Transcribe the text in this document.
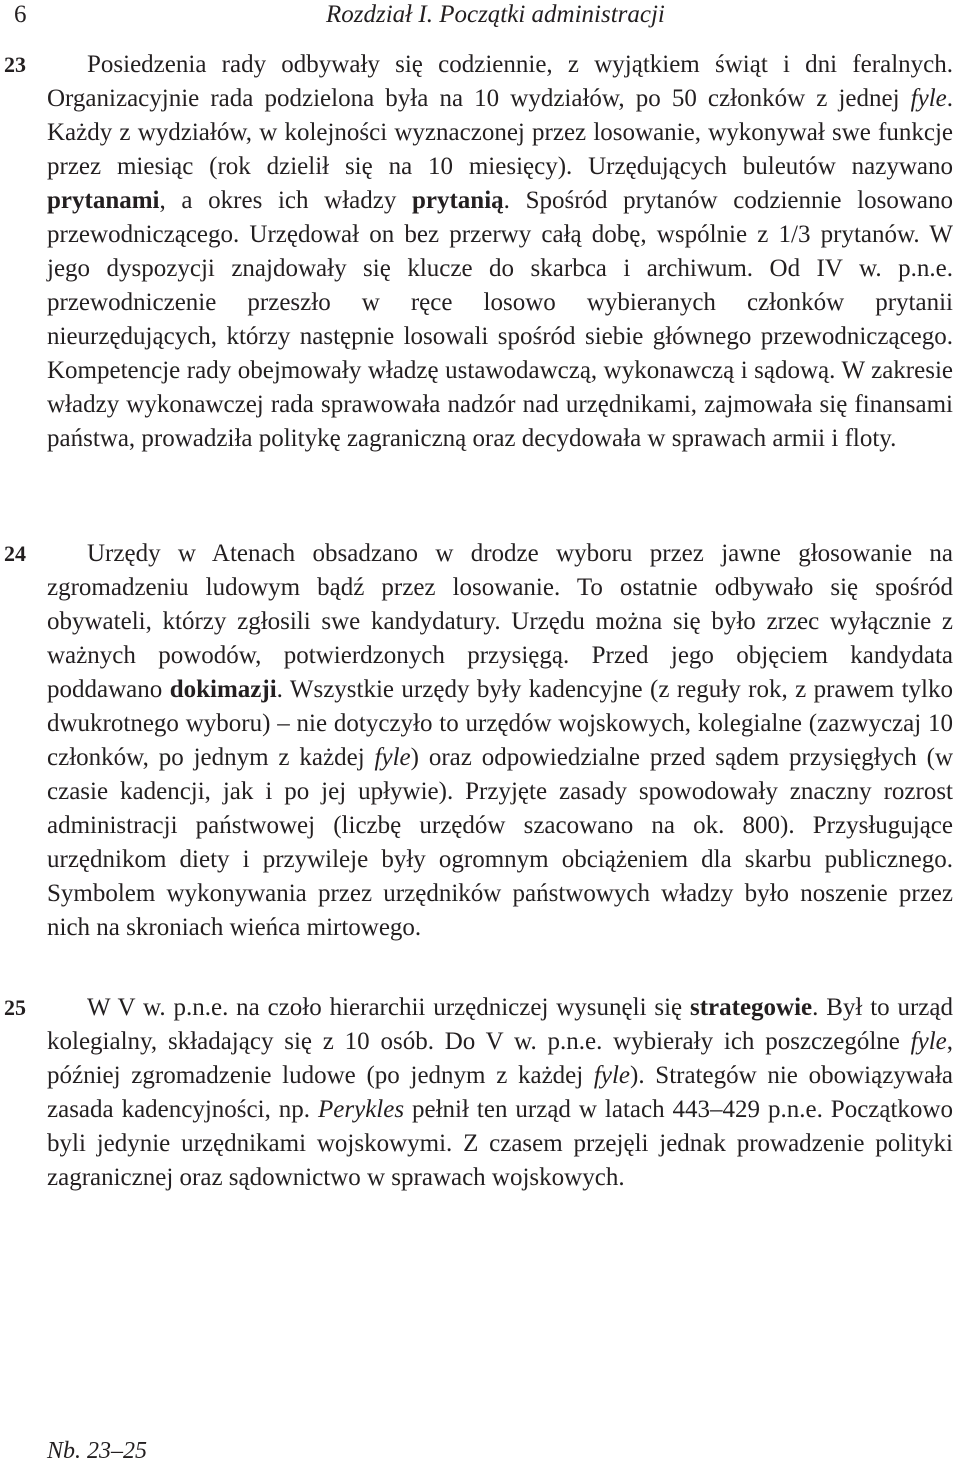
6	Rozdział I. Początki administracji
23	Posiedzenia rady odbywały się codziennie, z wyjątkiem świąt i dni feralnych. Organizacyjnie rada podzielona była na 10 wydziałów, po 50 członków z jednej fyle. Każdy z wydziałów, w kolejności wyznaczonej przez losowanie, wykonywał swe funkcje przez miesiąc (rok dzielił się na 10 miesięcy). Urzędujących buleutów nazywano prytanami, a okres ich władzy prytanią. Spośród prytanów codziennie losowano przewodniczącego. Urzędował on bez przerwy całą dobę, wspólnie z 1/3 prytanów. W jego dyspozycji znajdowały się klucze do skarbca i archiwum. Od IV w. p.n.e. przewodniczenie przeszło w ręce losowo wybieranych członków prytanii nieurzędujących, którzy następnie losowali spośród siebie głównego przewodniczącego. Kompetencje rady obejmowały władzę ustawodawczą, wykonawczą i sądową. W zakresie władzy wykonawczej rada sprawowała nadzór nad urzędnikami, zajmowała się finansami państwa, prowadziła politykę zagraniczną oraz decydowała w sprawach armii i floty.

24	Urzędy w Atenach obsadzano w drodze wyboru przez jawne głosowanie na zgromadzeniu ludowym bądź przez losowanie. To ostatnie odbywało się spośród obywateli, którzy zgłosili swe kandydatury. Urzędu można się było zrzec wyłącznie z ważnych powodów, potwierdzonych przysięgą. Przed jego objęciem kandydata poddawano dokimazji. Wszystkie urzędy były kadencyjne (z reguły rok, z prawem tylko dwukrotnego wyboru) – nie dotyczyło to urzędów wojskowych, kolegialne (zazwyczaj 10 członków, po jednym z każdej fyle) oraz odpowiedzialne przed sądem przysięgłych (w czasie kadencji, jak i po jej upływie). Przyjęte zasady spowodowały znaczny rozrost administracji państwowej (liczbę urzędów szacowano na ok. 800). Przysługujące urzędnikom diety i przywileje były ogromnym obciążeniem dla skarbu publicznego. Symbolem wykonywania przez urzędników państwowych władzy było noszenie przez nich na skroniach wieńca mirtowego.

25	W V w. p.n.e. na czoło hierarchii urzędniczej wysunęli się strategowie. Był to urząd kolegialny, składający się z 10 osób. Do V w. p.n.e. wybierały ich poszczególne fyle, później zgromadzenie ludowe (po jednym z każdej fyle). Strategów nie obowiązywała zasada kadencyjności, np. Perykles pełnił ten urząd w latach 443–429 p.n.e. Początkowo byli jedynie urzędnikami wojskowymi. Z czasem przejęli jednak prowadzenie polityki zagranicznej oraz sądownictwo w sprawach wojskowych.

Nb. 23–25
